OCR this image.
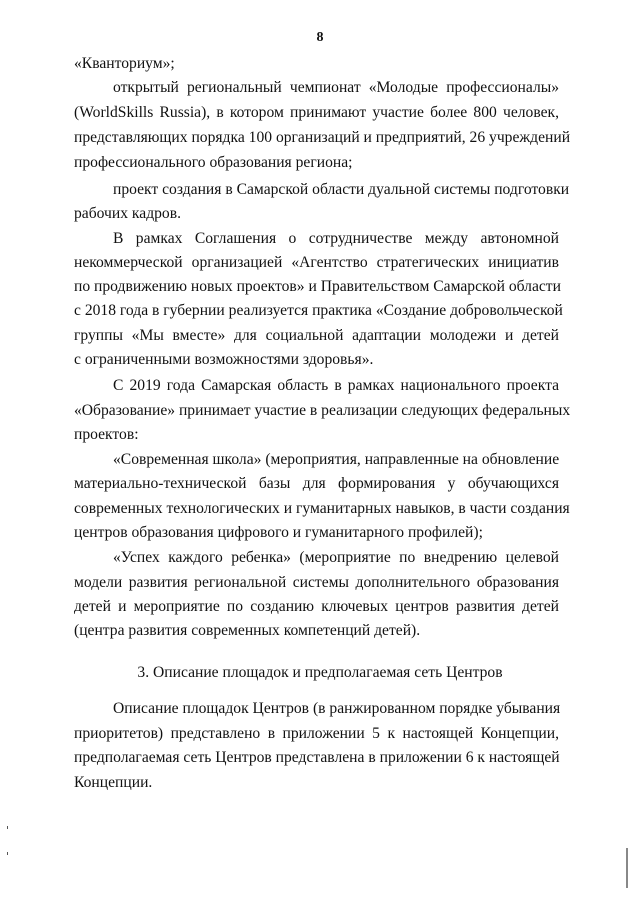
8
«Кванториум»;
открытый региональный чемпионат «Молодые профессионалы»
(WorldSkills Russia), в котором принимают участие более 800 человек,
представляющих порядка 100 организаций и предприятий, 26 учреждений
профессионального образования региона;
проект создания в Самарской области дуальной системы подготовки
рабочих кадров.
В рамках Соглашения о сотрудничестве между автономной
некоммерческой организацией «Агентство стратегических инициатив
по продвижению новых проектов» и Правительством Самарской области
с 2018 года в губернии реализуется практика «Создание добровольческой
группы «Мы вместе» для социальной адаптации молодежи и детей
с ограниченными возможностями здоровья».
С 2019 года Самарская область в рамках национального проекта
«Образование» принимает участие в реализации следующих федеральных
проектов:
«Современная школа» (мероприятия, направленные на обновление
материально-технической базы для формирования у обучающихся
современных технологических и гуманитарных навыков, в части создания
центров образования цифрового и гуманитарного профилей);
«Успех каждого ребенка» (мероприятие по внедрению целевой
модели развития региональной системы дополнительного образования
детей и мероприятие по созданию ключевых центров развития детей
(центра развития современных компетенций детей).
3. Описание площадок и предполагаемая сеть Центров
Описание площадок Центров (в ранжированном порядке убывания
приоритетов) представлено в приложении 5 к настоящей Концепции,
предполагаемая сеть Центров представлена в приложении 6 к настоящей
Концепции.
